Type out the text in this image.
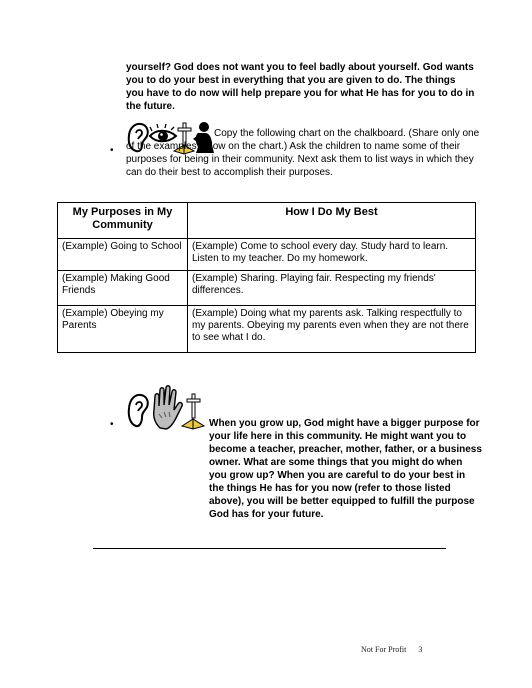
yourself? God does not want you to feel badly about yourself. God wants you to do your best in everything that you are given to do. The things you have to do now will help prepare you for what He has for you to do in the future.
•
Copy the following chart on the chalkboard. (Share only one of the examples below on the chart.) Ask the children to name some of their purposes for being in their community. Next ask them to list ways in which they can do their best to accomplish their purposes.
My Purposes in My Community	How I Do My Best
(Example) Going to School	(Example) Come to school every day. Study hard to learn. Listen to my teacher. Do my homework.
(Example) Making Good Friends	(Example) Sharing. Playing fair. Respecting my friends' differences.
(Example) Obeying my Parents	(Example) Doing what my parents ask. Talking respectfully to my parents. Obeying my parents even when they are not there to see what I do.
•	When you grow up, God might have a bigger purpose for your life here in this community. He might want you to become a teacher, preacher, mother, father, or a business owner. What are some things that you might do when you grow up? When you are careful to do your best in the things He has for you now (refer to those listed above), you will be better equipped to fulfill the purpose God has for your future.
Not For Profit 3
